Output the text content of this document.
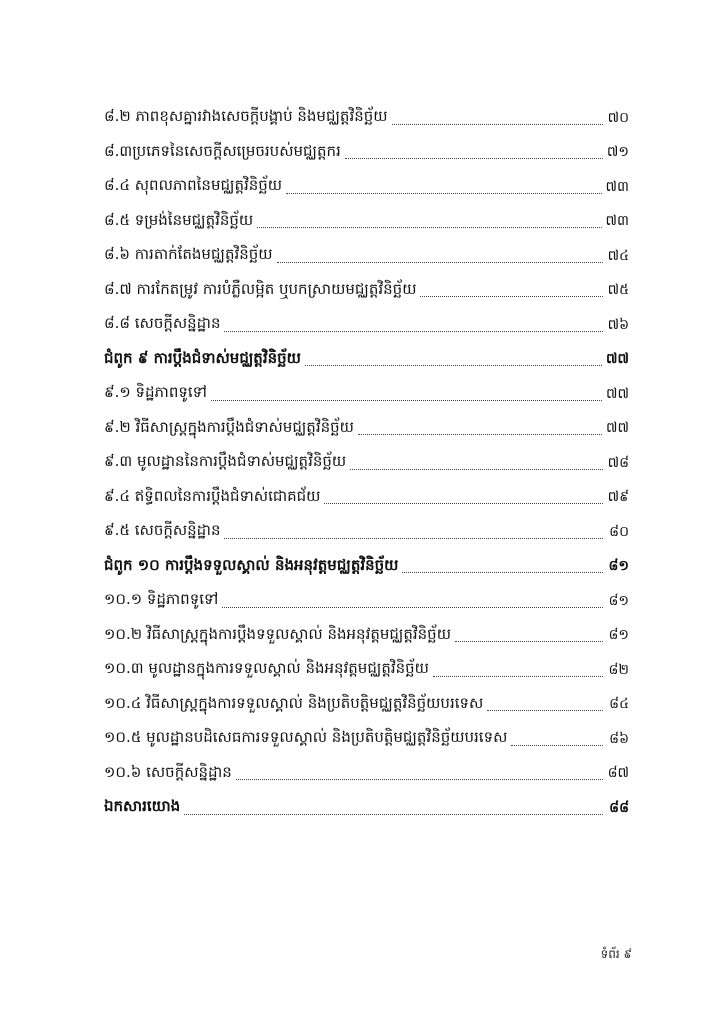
៨.២ ភាពខុសគ្នារវាងសេចក្តីបង្គាប់ និងមជ្ឈត្តវិនិច្ឆ័យ	៧០
៨.៣ប្រភេទនៃសេចក្តីសម្រេចរបស់មជ្ឈត្តករ	៧១
៨.៤ សុពលភាពនៃមជ្ឈត្តវិនិច្ឆ័យ	៧៣
៨.៥ ទម្រង់នៃមជ្ឈត្តវិនិច្ឆ័យ	៧៣
៨.៦ ការតាក់តែងមជ្ឈត្តវិនិច្ឆ័យ	៧៤
៨.៧ ការកែតម្រូវ ការបំភ្លឺលម្អិត ឬបកស្រាយមជ្ឈត្តវិនិច្ឆ័យ	៧៥
៨.៨ សេចក្តីសន្និដ្ឋាន	៧៦
ជំពូក ៩ ការប្តឹងជំទាស់មជ្ឈត្តវិនិច្ឆ័យ	៧៧
៩.១ ទិដ្ឋភាពទូទៅ	៧៧
៩.២ វិធីសាស្ត្រក្នុងការប្តឹងជំទាស់មជ្ឈត្តវិនិច្ឆ័យ	៧៧
៩.៣ មូលដ្ឋាននៃការប្តឹងជំទាស់មជ្ឈត្តវិនិច្ឆ័យ	៧៨
៩.៤ ឥទ្ធិពលនៃការប្តឹងជំទាស់ជោគជ័យ	៧៩
៩.៥ សេចក្តីសន្និដ្ឋាន	៨០
ជំពូក ១០ ការប្តឹងទទួលស្គាល់ និងអនុវត្តមជ្ឈត្តវិនិច្ឆ័យ	៨១
១០.១ ទិដ្ឋភាពទូទៅ	៨១
១០.២ វិធីសាស្ត្រក្នុងការប្តឹងទទួលស្គាល់ និងអនុវត្តមជ្ឈត្តវិនិច្ឆ័យ	៨១
១០.៣ មូលដ្ឋានក្នុងការទទួលស្គាល់ និងអនុវត្តមជ្ឈត្តវិនិច្ឆ័យ	៨២
១០.៤ វិធីសាស្ត្រក្នុងការទទួលស្គាល់ និងប្រតិបត្តិមជ្ឈត្តវិនិច្ឆ័យបរទេស	៨៤
១០.៥ មូលដ្ឋានបដិសេធការទទួលស្គាល់ និងប្រតិបត្តិមជ្ឈត្តវិនិច្ឆ័យបរទេស	៨៦
១០.៦ សេចក្តីសន្និដ្ឋាន	៨៧
ឯកសារយោង	៨៨
ទំព័រ ៩
